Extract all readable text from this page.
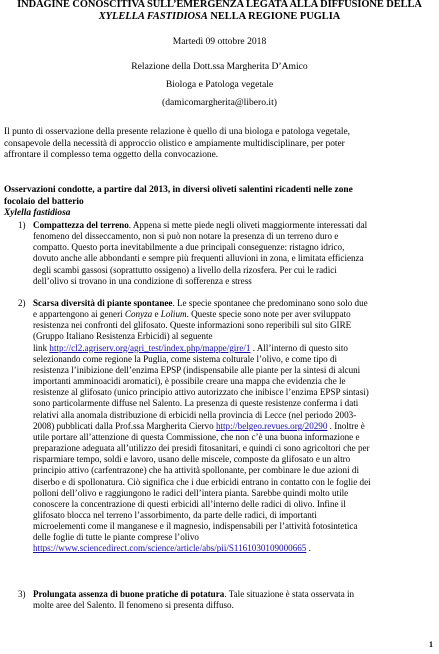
INDAGINE CONOSCITIVA SULL’EMERGENZA LEGATA ALLA DIFFUSIONE DELLA
XYLELLA FASTIDIOSA NELLA REGIONE PUGLIA
Martedì 09 ottobre 2018
Relazione della Dott.ssa Margherita D’Amico
Biologa e Patologa vegetale
(damicomargherita@libero.it)
Il punto di osservazione della presente relazione è quello di una biologa e patologa vegetale,
consapevole della necessità di approccio olistico e ampiamente multidisciplinare, per poter
affrontare il complesso tema oggetto della convocazione.
Osservazioni condotte, a partire dal 2013, in diversi oliveti salentini ricadenti nelle zone
focolaio del batterio
Xylella fastidiosa
1) Compattezza del terreno. Appena si mette piede negli oliveti maggiormente interessati dal
fenomeno del disseccamento, non si può non notare la presenza di un terreno duro e
compatto. Questo porta inevitabilmente a due principali conseguenze: ristagno idrico,
dovuto anche alle abbondanti e sempre più frequenti alluvioni in zona, e limitata efficienza
degli scambi gassosi (soprattutto ossigeno) a livello della rizosfera. Per cui le radici
dell’olivo si trovano in una condizione di sofferenza e stress
2) Scarsa diversità di piante spontanee. Le specie spontanee che predominano sono solo due
e appartengono ai generi Conyza e Lolium. Queste specie sono note per aver sviluppato
resistenza nei confronti del glifosato. Queste informazioni sono reperibili sul sito GIRE
(Gruppo Italiano Resistenza Erbicidi) al seguente
link http://cl2.agriserv.org/agri_test/index.php/mappe/gire/1 . All’interno di questo sito
selezionando come regione la Puglia, come sistema colturale l’olivo, e come tipo di
resistenza l’inibizione dell’enzima EPSP (indispensabile alle piante per la sintesi di alcuni
importanti amminoacidi aromatici), è possibile creare una mappa che evidenzia che le
resistenze al glifosato (unico principio attivo autorizzato che inibisce l’enzima EPSP sintasi)
sono particolarmente diffuse nel Salento. La presenza di queste resistenze conferma i dati
relativi alla anomala distribuzione di erbicidi nella provincia di Lecce (nel periodo 2003-
2008) pubblicati dalla Prof.ssa Margherita Ciervo http://belgeo.revues.org/20290 . Inoltre è
utile portare all’attenzione di questa Commissione, che non c’è una buona informazione e
preparazione adeguata all’utilizzo dei presidi fitosanitari, e quindi ci sono agricoltori che per
risparmiare tempo, soldi e lavoro, usano delle miscele, composte da glifosato e un altro
principio attivo (carfentrazone) che ha attività spollonante, per combinare le due azioni di
diserbo e di spollonatura. Ciò significa che i due erbicidi entrano in contatto con le foglie dei
polloni dell’olivo e raggiungono le radici dell’intera pianta. Sarebbe quindi molto utile
conoscere la concentrazione di questi erbicidi all’interno delle radici di olivo. Infine il
glifosato blocca nel terreno l’assorbimento, da parte delle radici, di importanti
microelementi come il manganese e il magnesio, indispensabili per l’attività fotosintetica
delle foglie di tutte le piante comprese l’olivo
https://www.sciencedirect.com/science/article/abs/pii/S1161030109000665 .
3) Prolungata assenza di buone pratiche di potatura. Tale situazione è stata osservata in
molte aree del Salento. Il fenomeno si presenta diffuso.
1
